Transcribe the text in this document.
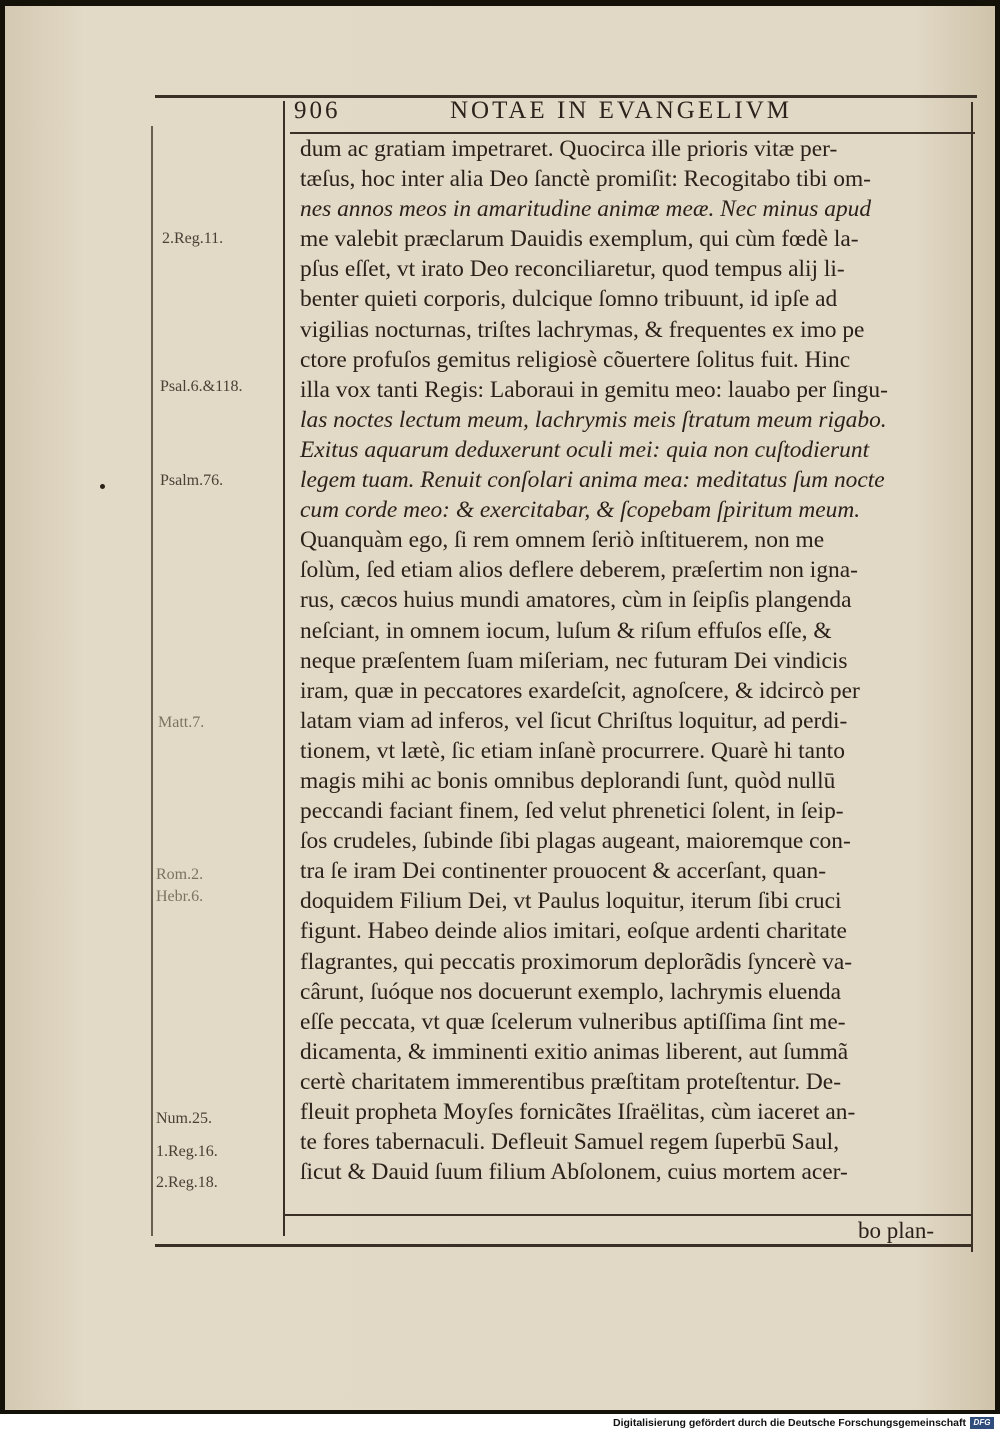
906	NOTAE IN EVANGELIVM
2.Reg.11.
Psal.6.&118.
Psalm.76.
Matt.7.
Rom.2.
Hebr.6.
Num.25.
1.Reg.16.
2.Reg.18.
dum ac gratiam impetraret. Quocirca ille prioris vitæ per-
tæſus, hoc inter alia Deo ſanctè promiſit: Recogitabo tibi om-
nes annos meos in amaritudine animæ meæ. Nec minus apud
me valebit præclarum Dauidis exemplum, qui cùm fœdè la-
pſus eſſet, vt irato Deo reconciliaretur, quod tempus alij li-
benter quieti corporis, dulcique ſomno tribuunt, id ipſe ad
vigilias nocturnas, triſtes lachrymas, & frequentes ex imo pe
ctore profuſos gemitus religiosè cõuertere ſolitus fuit. Hinc
illa vox tanti Regis: Laboraui in gemitu meo: lauabo per ſingu-
las noctes lectum meum, lachrymis meis ſtratum meum rigabo.
Exitus aquarum deduxerunt oculi mei: quia non cuſtodierunt
legem tuam. Renuit conſolari anima mea: meditatus ſum nocte
cum corde meo: & exercitabar, & ſcopebam ſpiritum meum.
Quanquàm ego, ſi rem omnem ſeriò inſtituerem, non me
ſolùm, ſed etiam alios deflere deberem, præſertim non igna-
rus, cæcos huius mundi amatores, cùm in ſeipſis plangenda
neſciant, in omnem iocum, luſum & riſum effuſos eſſe, &
neque præſentem ſuam miſeriam, nec futuram Dei vindicis
iram, quæ in peccatores exardeſcit, agnoſcere, & idcircò per
latam viam ad inferos, vel ſicut Chriſtus loquitur, ad perdi-
tionem, vt lætè, ſic etiam inſanè procurrere. Quarè hi tanto
magis mihi ac bonis omnibus deplorandi ſunt, quòd nullū
peccandi faciant finem, ſed velut phrenetici ſolent, in ſeip-
ſos crudeles, ſubinde ſibi plagas augeant, maioremque con-
tra ſe iram Dei continenter prouocent & accerſant, quan-
doquidem Filium Dei, vt Paulus loquitur, iterum ſibi cruci
figunt. Habeo deinde alios imitari, eoſque ardenti charitate
flagrantes, qui peccatis proximorum deplorãdis ſyncerè va-
cârunt, ſuóque nos docuerunt exemplo, lachrymis eluenda
eſſe peccata, vt quæ ſcelerum vulneribus aptiſſima ſint me-
dicamenta, & imminenti exitio animas liberent, aut ſummã
certè charitatem immerentibus præſtitam proteſtentur. De-
fleuit propheta Moyſes fornicãtes Iſraëlitas, cùm iaceret an-
te fores tabernaculi. Defleuit Samuel regem ſuperbū Saul,
ſicut & Dauid ſuum filium Abſolonem, cuius mortem acer-
bo plan-
Digitalisierung gefördert durch die Deutsche Forschungsgemeinschaft DFG
